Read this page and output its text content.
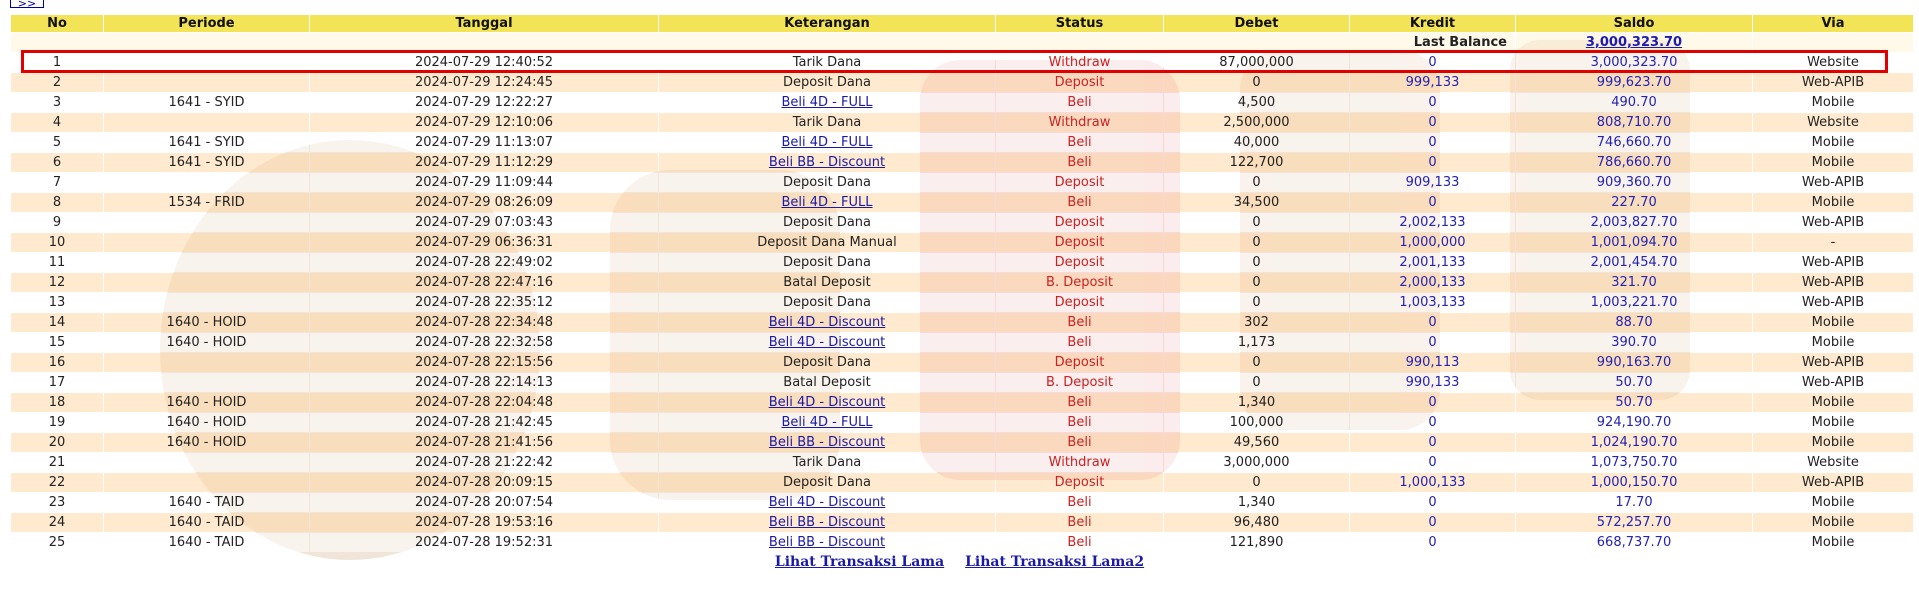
>>
No	Periode	Tanggal	Keterangan	Status	Debet	Kredit	Saldo	Via
Last Balance							3,000,323.70	
1		2024-07-29 12:40:52	Tarik Dana	Withdraw	87,000,000	0	3,000,323.70	Website
2		2024-07-29 12:24:45	Deposit Dana	Deposit	0	999,133	999,623.70	Web-APIB
3	1641 - SYID	2024-07-29 12:22:27	Beli 4D - FULL	Beli	4,500	0	490.70	Mobile
4		2024-07-29 12:10:06	Tarik Dana	Withdraw	2,500,000	0	808,710.70	Website
5	1641 - SYID	2024-07-29 11:13:07	Beli 4D - FULL	Beli	40,000	0	746,660.70	Mobile
6	1641 - SYID	2024-07-29 11:12:29	Beli BB - Discount	Beli	122,700	0	786,660.70	Mobile
7		2024-07-29 11:09:44	Deposit Dana	Deposit	0	909,133	909,360.70	Web-APIB
8	1534 - FRID	2024-07-29 08:26:09	Beli 4D - FULL	Beli	34,500	0	227.70	Mobile
9		2024-07-29 07:03:43	Deposit Dana	Deposit	0	2,002,133	2,003,827.70	Web-APIB
10		2024-07-29 06:36:31	Deposit Dana Manual	Deposit	0	1,000,000	1,001,094.70	-
11		2024-07-28 22:49:02	Deposit Dana	Deposit	0	2,001,133	2,001,454.70	Web-APIB
12		2024-07-28 22:47:16	Batal Deposit	B. Deposit	0	2,000,133	321.70	Web-APIB
13		2024-07-28 22:35:12	Deposit Dana	Deposit	0	1,003,133	1,003,221.70	Web-APIB
14	1640 - HOID	2024-07-28 22:34:48	Beli 4D - Discount	Beli	302	0	88.70	Mobile
15	1640 - HOID	2024-07-28 22:32:58	Beli 4D - Discount	Beli	1,173	0	390.70	Mobile
16		2024-07-28 22:15:56	Deposit Dana	Deposit	0	990,113	990,163.70	Web-APIB
17		2024-07-28 22:14:13	Batal Deposit	B. Deposit	0	990,133	50.70	Web-APIB
18	1640 - HOID	2024-07-28 22:04:48	Beli 4D - Discount	Beli	1,340	0	50.70	Mobile
19	1640 - HOID	2024-07-28 21:42:45	Beli 4D - FULL	Beli	100,000	0	924,190.70	Mobile
20	1640 - HOID	2024-07-28 21:41:56	Beli BB - Discount	Beli	49,560	0	1,024,190.70	Mobile
21		2024-07-28 21:22:42	Tarik Dana	Withdraw	3,000,000	0	1,073,750.70	Website
22		2024-07-28 20:09:15	Deposit Dana	Deposit	0	1,000,133	1,000,150.70	Web-APIB
23	1640 - TAID	2024-07-28 20:07:54	Beli 4D - Discount	Beli	1,340	0	17.70	Mobile
24	1640 - TAID	2024-07-28 19:53:16	Beli BB - Discount	Beli	96,480	0	572,257.70	Mobile
25	1640 - TAID	2024-07-28 19:52:31	Beli BB - Discount	Beli	121,890	0	668,737.70	Mobile
Lihat Transaksi Lama Lihat Transaksi Lama2
